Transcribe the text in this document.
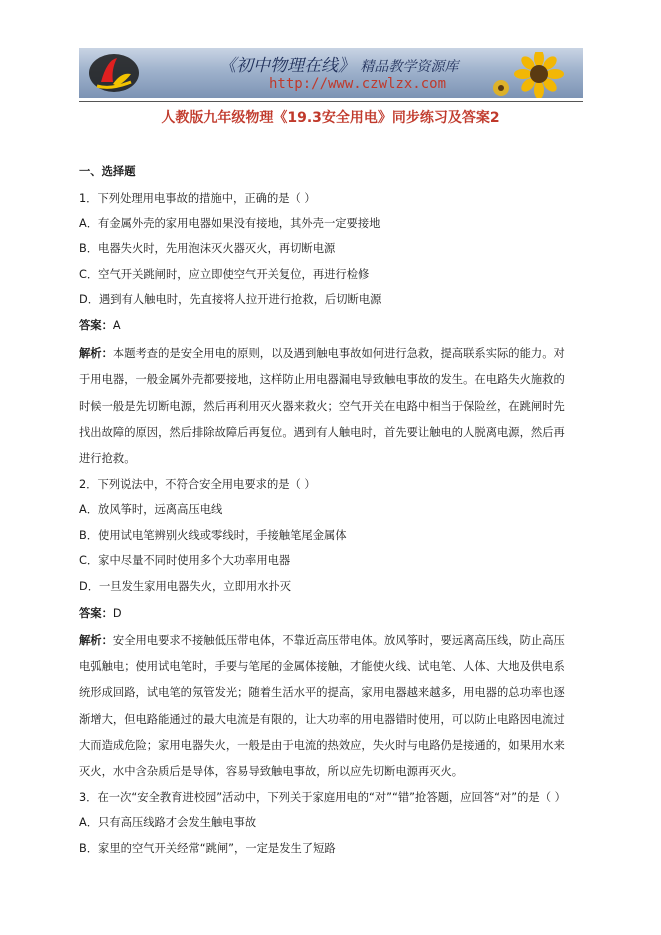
《初中物理在线》 精品教学资源库
http://www.czwlzx.com
人教版九年级物理《19.3安全用电》同步练习及答案2
一、选择题
1．下列处理用电事故的措施中，正确的是（ ）
A．有金属外壳的家用电器如果没有接地，其外壳一定要接地
B．电器失火时，先用泡沫灭火器灭火，再切断电源
C．空气开关跳闸时，应立即使空气开关复位，再进行检修
D．遇到有人触电时，先直接将人拉开进行抢救，后切断电源
答案：A
解析：本题考查的是安全用电的原则，以及遇到触电事故如何进行急救，提高联系实际的能力。对
于用电器，一般金属外壳都要接地，这样防止用电器漏电导致触电事故的发生。在电路失火施救的
时候一般是先切断电源，然后再利用灭火器来救火；空气开关在电路中相当于保险丝，在跳闸时先
找出故障的原因，然后排除故障后再复位。遇到有人触电时，首先要让触电的人脱离电源，然后再
进行抢救。
2．下列说法中，不符合安全用电要求的是（ ）
A．放风筝时，远离高压电线
B．使用试电笔辨别火线或零线时，手接触笔尾金属体
C．家中尽量不同时使用多个大功率用电器
D．一旦发生家用电器失火，立即用水扑灭
答案：D
解析：安全用电要求不接触低压带电体，不靠近高压带电体。放风筝时，要远离高压线，防止高压
电弧触电；使用试电笔时，手要与笔尾的金属体接触，才能使火线、试电笔、人体、大地及供电系
统形成回路，试电笔的氖管发光；随着生活水平的提高，家用电器越来越多，用电器的总功率也逐
渐增大，但电路能通过的最大电流是有限的，让大功率的用电器错时使用，可以防止电路因电流过
大而造成危险；家用电器失火，一般是由于电流的热效应，失火时与电路仍是接通的，如果用水来
灭火，水中含杂质后是导体，容易导致触电事故，所以应先切断电源再灭火。
3．在一次“安全教育进校园”活动中，下列关于家庭用电的“对”“错”抢答题，应回答“对”的是（ ）
A．只有高压线路才会发生触电事故
B．家里的空气开关经常“跳闸”，一定是发生了短路
